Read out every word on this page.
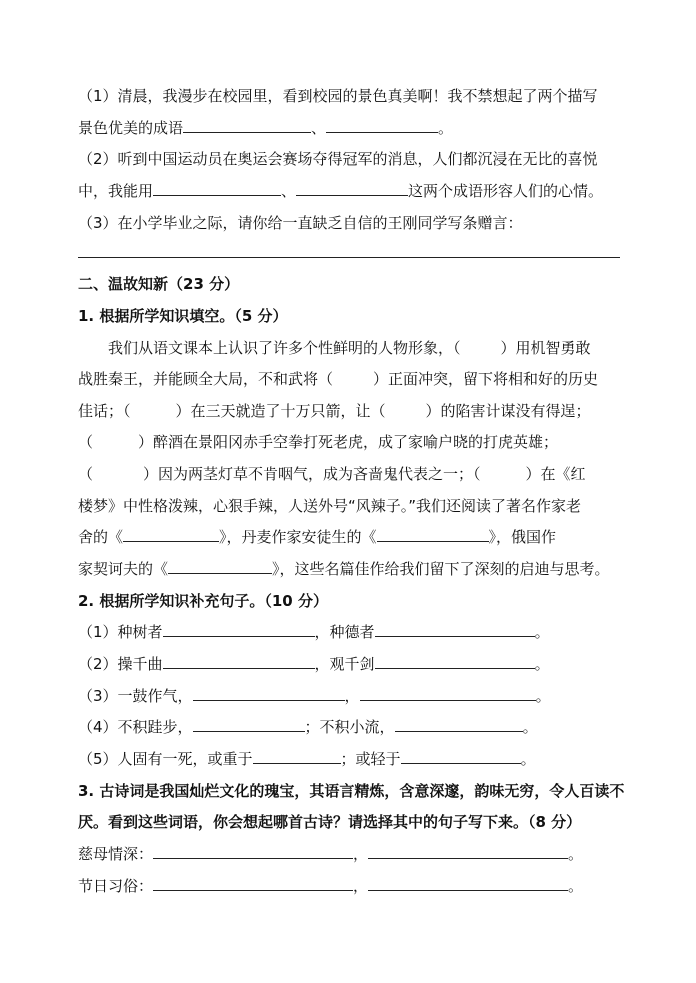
（1）清晨，我漫步在校园里，看到校园的景色真美啊！我不禁想起了两个描写
景色优美的成语	、	。
（2）听到中国运动员在奥运会赛场夺得冠军的消息，人们都沉浸在无比的喜悦
中，我能用	、	这两个成语形容人们的心情。
（3）在小学毕业之际，请你给一直缺乏自信的王刚同学写条赠言：
二、温故知新（23 分）
1. 根据所学知识填空。（5 分）
我们从语文课本上认识了许多个性鲜明的人物形象，（	）用机智勇敢
战胜秦王，并能顾全大局，不和武将（	）正面冲突，留下将相和好的历史
佳话；（	）在三天就造了十万只箭，让（	）的陷害计谋没有得逞；
（	）醉酒在景阳冈赤手空拳打死老虎，成了家喻户晓的打虎英雄；
（	）因为两茎灯草不肯咽气，成为吝啬鬼代表之一；（	）在《红
楼梦》中性格泼辣，心狠手辣，人送外号“风辣子。”我们还阅读了著名作家老
舍的《	》，丹麦作家安徒生的《	》，俄国作
家契诃夫的《	》，这些名篇佳作给我们留下了深刻的启迪与思考。
2. 根据所学知识补充句子。（10 分）
（1）种树者	，种德者	。
（2）操千曲	，观千剑	。
（3）一鼓作气，	，	。
（4）不积跬步，	；不积小流，	。
（5）人固有一死，或重于	；或轻于	。
3. 古诗词是我国灿烂文化的瑰宝，其语言精炼，含意深邃，韵味无穷，令人百读不
厌。看到这些词语，你会想起哪首古诗？请选择其中的句子写下来。（8 分）
慈母情深：	，	。
节日习俗：	，	。
